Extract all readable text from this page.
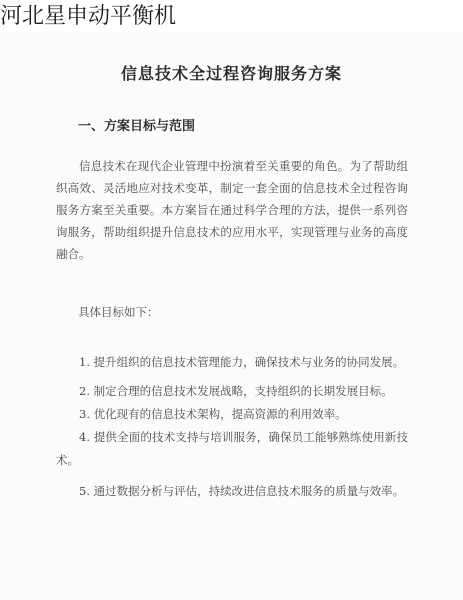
河北星申动平衡机
信息技术全过程咨询服务方案
一、方案目标与范围

信息技术在现代企业管理中扮演着至关重要的角色。为了帮助组织高效、灵活地应对技术变革，制定一套全面的信息技术全过程咨询服务方案至关重要。本方案旨在通过科学合理的方法，提供一系列咨询服务，帮助组织提升信息技术的应用水平，实现管理与业务的高度融合。

具体目标如下：

1. 提升组织的信息技术管理能力，确保技术与业务的协同发展。
2. 制定合理的信息技术发展战略，支持组织的长期发展目标。
3. 优化现有的信息技术架构，提高资源的利用效率。
4. 提供全面的技术支持与培训服务，确保员工能够熟练使用新技术。
5. 通过数据分析与评估，持续改进信息技术服务的质量与效率。
